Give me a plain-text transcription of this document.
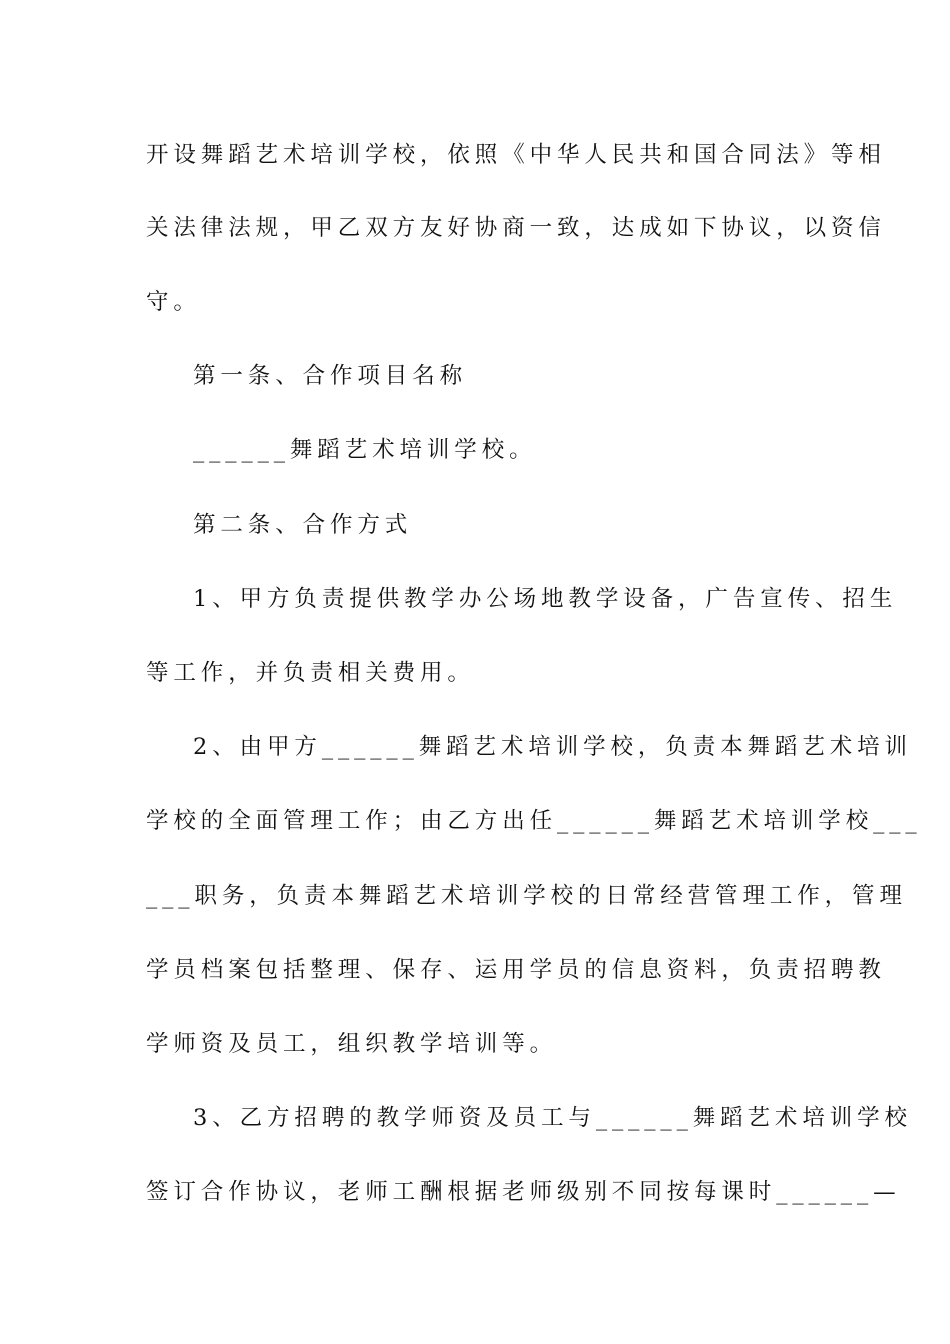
开设舞蹈艺术培训学校，依照《中华人民共和国合同法》等相
关法律法规，甲乙双方友好协商一致，达成如下协议，以资信
守。
第一条、合作项目名称
______舞蹈艺术培训学校。
第二条、合作方式
1、甲方负责提供教学办公场地教学设备，广告宣传、招生
等工作，并负责相关费用。
2、由甲方______舞蹈艺术培训学校，负责本舞蹈艺术培训
学校的全面管理工作；由乙方出任______舞蹈艺术培训学校___
___职务，负责本舞蹈艺术培训学校的日常经营管理工作，管理
学员档案包括整理、保存、运用学员的信息资料，负责招聘教
学师资及员工，组织教学培训等。
3、乙方招聘的教学师资及员工与______舞蹈艺术培训学校
签订合作协议，老师工酬根据老师级别不同按每课时______—
